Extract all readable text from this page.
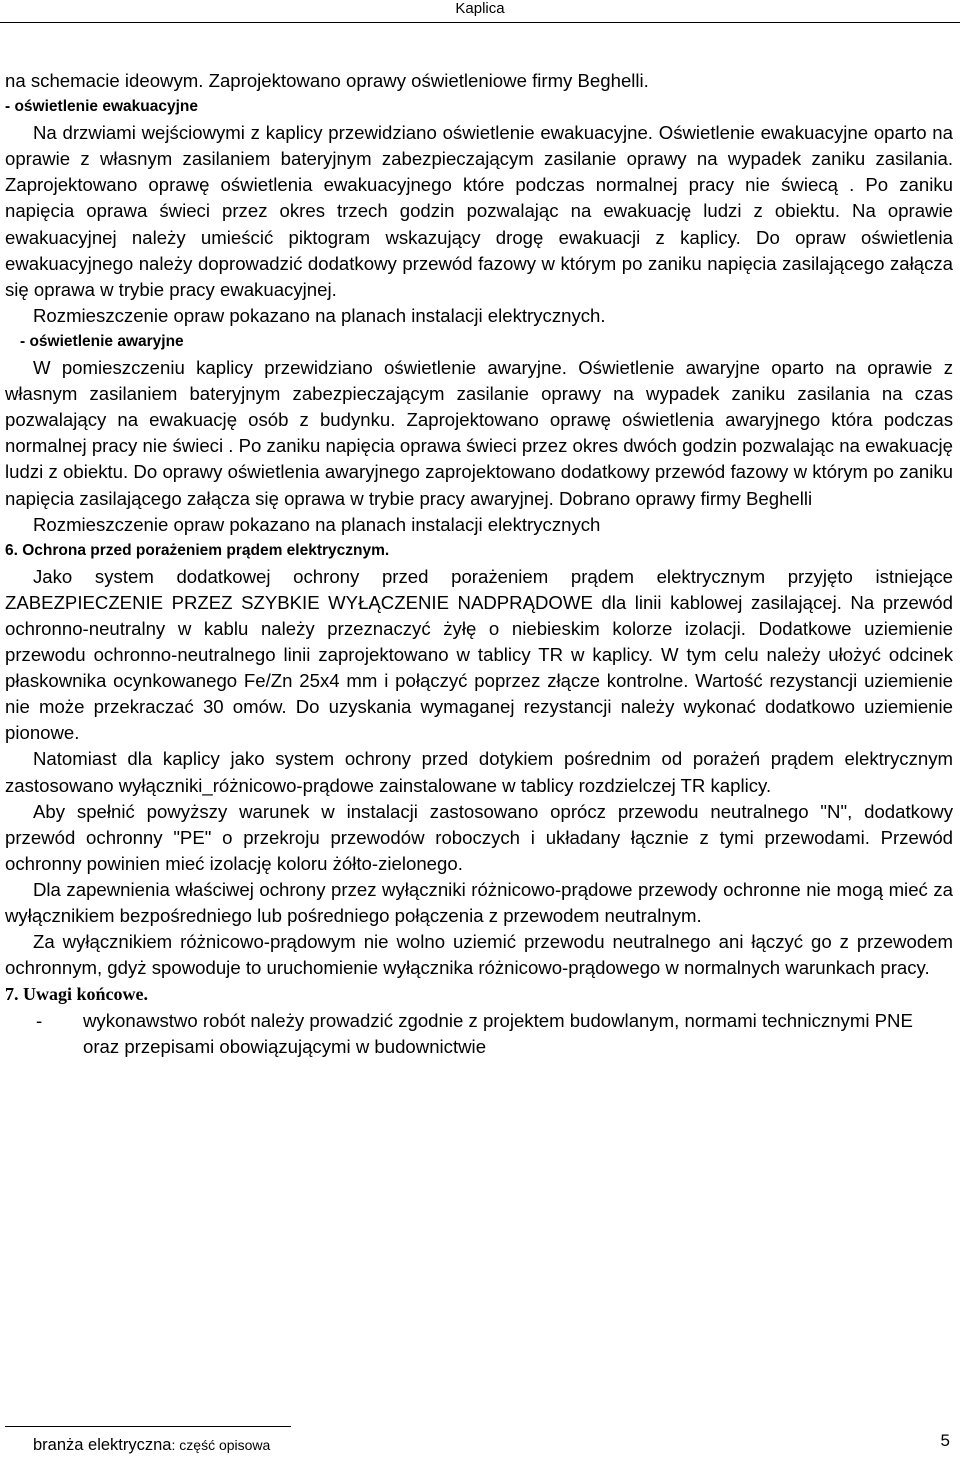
Kaplica

na schemacie ideowym. Zaprojektowano oprawy oświetleniowe firmy Beghelli.

- oświetlenie ewakuacyjne

Na drzwiami wejściowymi z kaplicy przewidziano oświetlenie ewakuacyjne. Oświetlenie ewakuacyjne oparto na oprawie z własnym zasilaniem bateryjnym zabezpieczającym zasilanie oprawy na wypadek zaniku zasilania. Zaprojektowano oprawę oświetlenia ewakuacyjnego które podczas normalnej pracy nie świecą . Po zaniku napięcia oprawa świeci przez okres trzech godzin pozwalając na ewakuację ludzi z obiektu. Na oprawie ewakuacyjnej należy umieścić piktogram wskazujący drogę ewakuacji z kaplicy. Do opraw oświetlenia ewakuacyjnego należy doprowadzić dodatkowy przewód fazowy w którym po zaniku napięcia zasilającego załącza się oprawa w trybie pracy ewakuacyjnej.

Rozmieszczenie opraw pokazano na planach instalacji elektrycznych.

- oświetlenie awaryjne

W pomieszczeniu kaplicy przewidziano oświetlenie awaryjne. Oświetlenie awaryjne oparto na oprawie z własnym zasilaniem bateryjnym zabezpieczającym zasilanie oprawy na wypadek zaniku zasilania na czas pozwalający na ewakuację osób z budynku. Zaprojektowano oprawę oświetlenia awaryjnego która podczas normalnej pracy nie świeci . Po zaniku napięcia oprawa świeci przez okres dwóch godzin pozwalając na ewakuację ludzi z obiektu. Do oprawy oświetlenia awaryjnego zaprojektowano dodatkowy przewód fazowy w którym po zaniku napięcia zasilającego załącza się oprawa w trybie pracy awaryjnej. Dobrano oprawy firmy Beghelli

Rozmieszczenie opraw pokazano na planach instalacji elektrycznych

6. Ochrona przed porażeniem prądem elektrycznym.

Jako system dodatkowej ochrony przed porażeniem prądem elektrycznym przyjęto istniejące ZABEZPIECZENIE PRZEZ SZYBKIE WYŁĄCZENIE NADPRĄDOWE dla linii kablowej zasilającej. Na przewód ochronno-neutralny w kablu należy przeznaczyć żyłę o niebieskim kolorze izolacji. Dodatkowe uziemienie przewodu ochronno-neutralnego linii zaprojektowano w tablicy TR w kaplicy. W tym celu należy ułożyć odcinek płaskownika ocynkowanego Fe/Zn 25x4 mm i połączyć poprzez złącze kontrolne. Wartość rezystancji uziemienie nie może przekraczać 30 omów. Do uzyskania wymaganej rezystancji należy wykonać dodatkowo uziemienie pionowe.

Natomiast dla kaplicy jako system ochrony przed dotykiem pośrednim od porażeń prądem elektrycznym zastosowano wyłączniki_różnicowo-prądowe zainstalowane w tablicy rozdzielczej TR kaplicy.

Aby spełnić powyższy warunek w instalacji zastosowano oprócz przewodu neutralnego "N", dodatkowy przewód ochronny "PE" o przekroju przewodów roboczych i układany łącznie z tymi przewodami. Przewód ochronny powinien mieć izolację koloru żółto-zielonego.

Dla zapewnienia właściwej ochrony przez wyłączniki różnicowo-prądowe przewody ochronne nie mogą mieć za wyłącznikiem bezpośredniego lub pośredniego połączenia z przewodem neutralnym.

Za wyłącznikiem różnicowo-prądowym nie wolno uziemić przewodu neutralnego ani łączyć go z przewodem ochronnym, gdyż spowoduje to uruchomienie wyłącznika różnicowo-prądowego w normalnych warunkach pracy.

7. Uwagi końcowe.

-	wykonawstwo robót należy prowadzić zgodnie z projektem budowlanym, normami technicznymi PNE oraz przepisami obowiązującymi w budownictwie
branża elektryczna: część opisowa	5
